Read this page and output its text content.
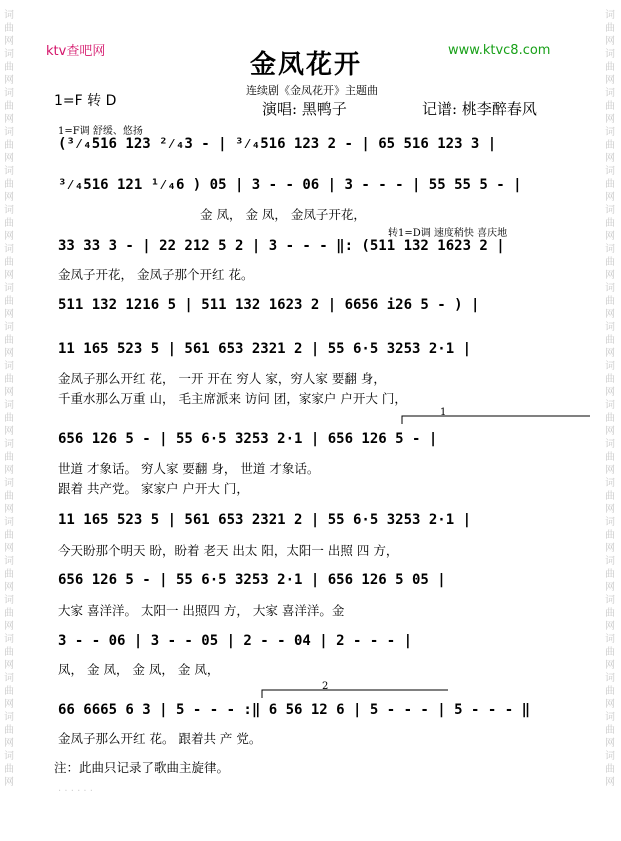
词
曲
网
词
曲
网
词
曲
网
词
曲
网
词
曲
网
词
曲
网
词
曲
网
词
曲
网
词
曲
网
词
曲
网
词
曲
网
词
曲
网
词
曲
网
词
曲
网
词
曲
网
词
曲
网
词
曲
网
词
曲
网
词
曲
网
词
曲
网
词
曲
网
词
曲
网
词
曲
网
词
曲
网
词
曲
网
词
曲
网
词
曲
网
词
曲
网
词
曲
网
词
曲
网
词
曲
网
词
曲
网
词
曲
网
词
曲
网
词
曲
网
词
曲
网
词
曲
网
词
曲
网
词
曲
网
词
曲
网
ktv查吧网	www.ktvc8.com
金凤花开
连续剧《金凤花开》主题曲
1=F 转 D	演唱: 黑鸭子	记谱: 桃李醉春风
1=F调 舒缓、悠扬
转1=D调 速度稍快 喜庆地
(³⁄₄516 123 ²⁄₄3 - | ³⁄₄516 123 2 - | 65 516 123 3 |
³⁄₄516 121 ¹⁄₄6 ) 05 | 3 - - 06 | 3 - - - | 55 55 5 - |
33 33 3 - | 22 212 5 2 | 3 - - - ‖: (511 132 1623 2 |
511 132 1216 5 | 511 132 1623 2 | 6656 i26 5 - ) |
11 165 523 5 | 561 653 2321 2 | 55 6·5 3253 2·1 |
656 126 5 - | 55 6·5 3253 2·1 | 656 126 5 - |
11 165 523 5 | 561 653 2321 2 | 55 6·5 3253 2·1 |
656 126 5 - | 55 6·5 3253 2·1 | 656 126 5 05 |
3 - - 06 | 3 - - 05 | 2 - - 04 | 2 - - - |
66 6665 6 3 | 5 - - - :‖ 6 56 12 6 | 5 - - - | 5 - - - ‖
金 凤， 金 凤， 金凤子开花，
金凤子开花， 金凤子那个开红 花。
金凤子那么开红 花， 一开 开在 穷人 家，穷人家 要翻 身，
千重水那么万重 山， 毛主席派来 访问 团，家家户 户开大 门，
世道 才象话。 穷人家 要翻 身， 世道 才象话。
跟着 共产党。 家家户 户开大 门，
今天盼那个明天 盼，盼着 老天 出太 阳，太阳一 出照 四 方，
大家 喜洋洋。 太阳一 出照四 方， 大家 喜洋洋。金
凤， 金 凤， 金 凤， 金 凤，
金凤子那么开红 花。 跟着共 产 党。
1
2
注：此曲只记录了歌曲主旋律。
· · · · · ·
